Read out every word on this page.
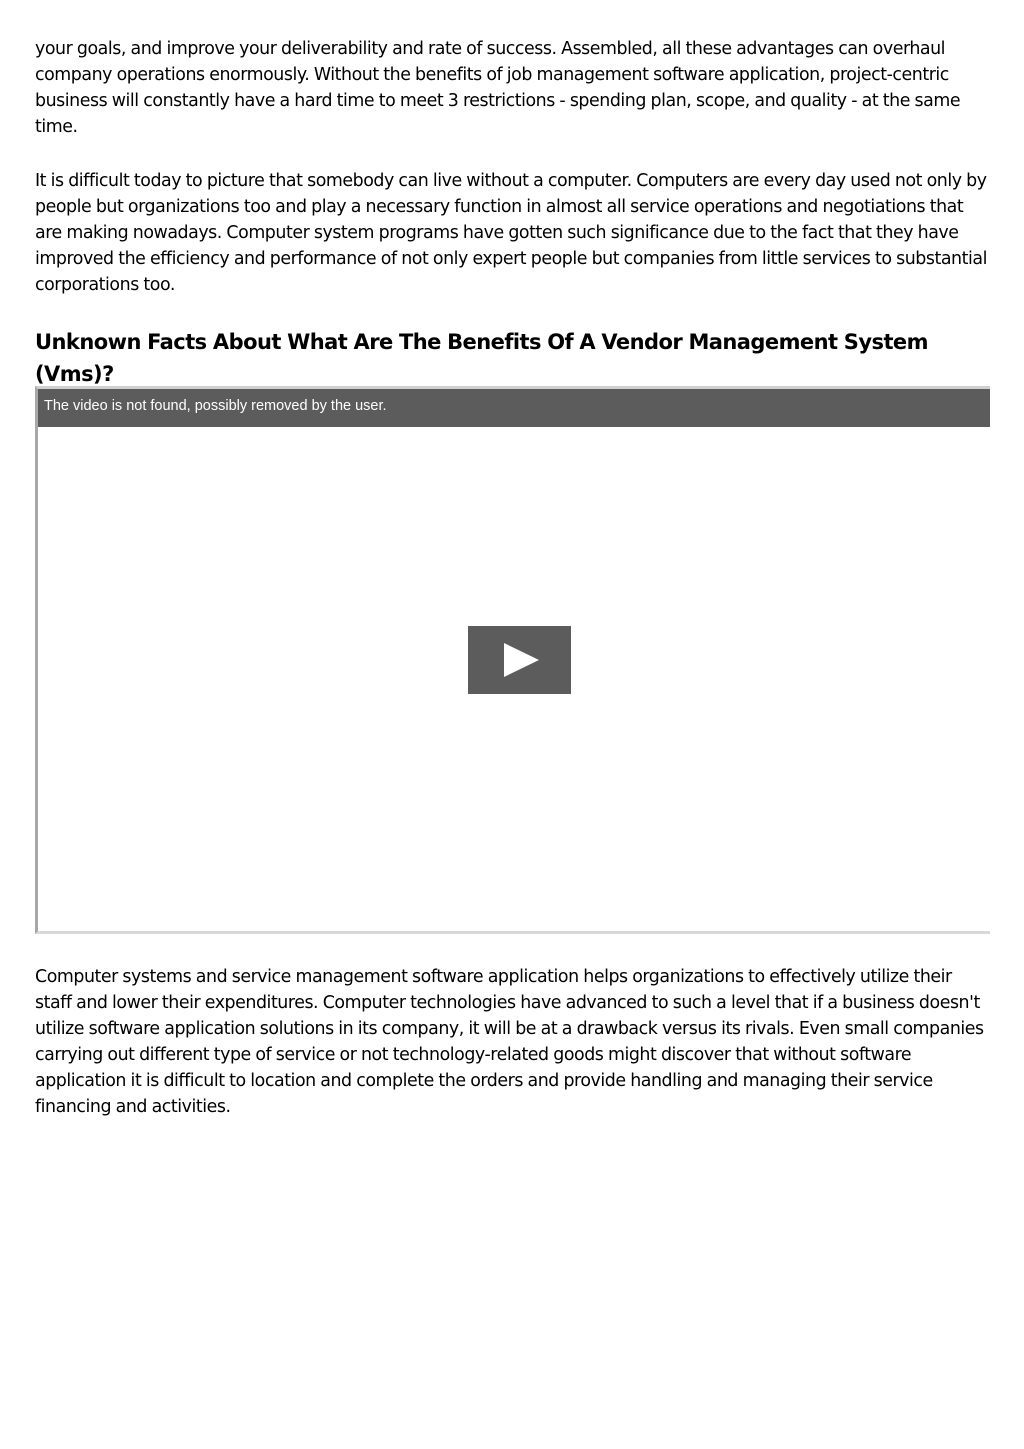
your goals, and improve your deliverability and rate of success. Assembled, all these advantages can overhaul company operations enormously. Without the benefits of job management software application, project-centric business will constantly have a hard time to meet 3 restrictions - spending plan, scope, and quality - at the same time.

It is difficult today to picture that somebody can live without a computer. Computers are every day used not only by people but organizations too and play a necessary function in almost all service operations and negotiations that are making nowadays. Computer system programs have gotten such significance due to the fact that they have improved the efficiency and performance of not only expert people but companies from little services to substantial corporations too.

Unknown Facts About What Are The Benefits Of A Vendor Management System (Vms)?
The video is not found, possibly removed by the user.

Computer systems and service management software application helps organizations to effectively utilize their staff and lower their expenditures. Computer technologies have advanced to such a level that if a business doesn't utilize software application solutions in its company, it will be at a drawback versus its rivals. Even small companies carrying out different type of service or not technology-related goods might discover that without software application it is difficult to location and complete the orders and provide handling and managing their service financing and activities.
